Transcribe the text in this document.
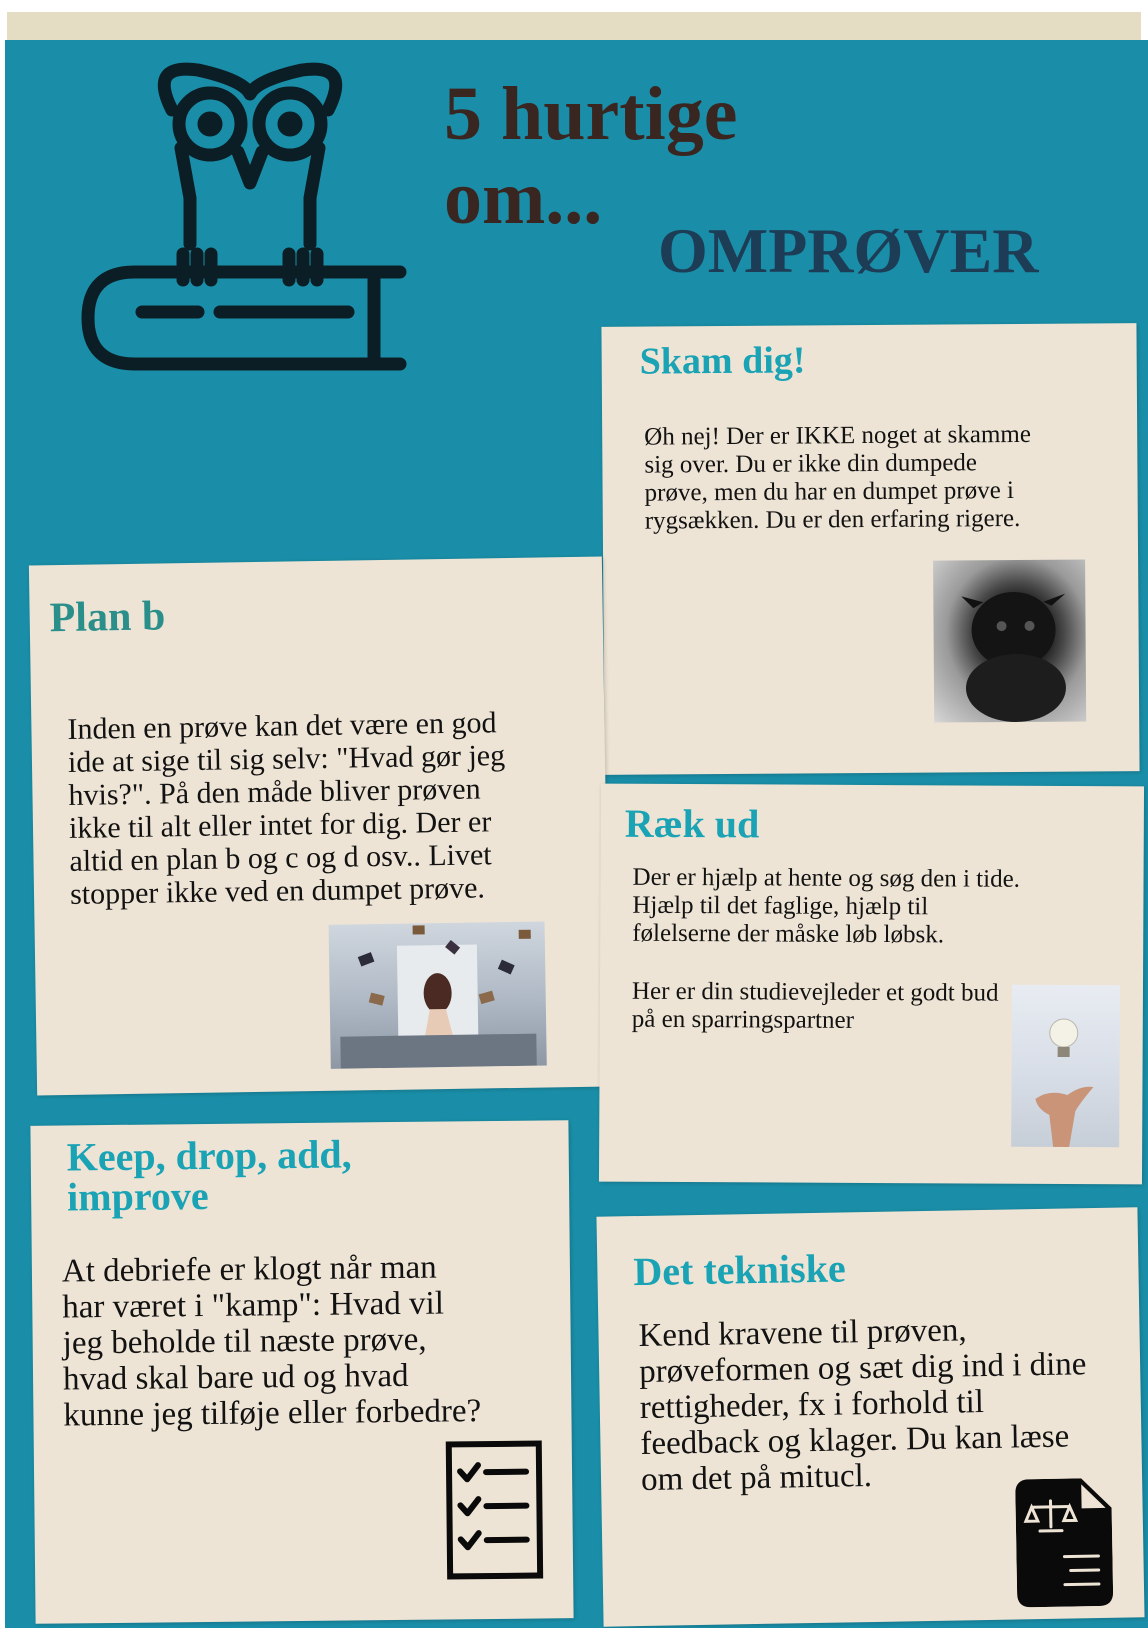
5 hurtige
om...
OMPRØVER
Skam dig!

Øh nej! Der er IKKE noget at skamme sig over. Du er ikke din dumpede prøve, men du har en dumpet prøve i rygsækken. Du er den erfaring rigere.

Plan b

Inden en prøve kan det være en god ide at sige til sig selv: "Hvad gør jeg hvis?". På den måde bliver prøven ikke til alt eller intet for dig. Der er altid en plan b og c og d osv.. Livet stopper ikke ved en dumpet prøve.

Ræk ud

Der er hjælp at hente og søg den i tide. Hjælp til det faglige, hjælp til følelserne der måske løb løbsk.

Her er din studievejleder et godt bud på en sparringspartner

Keep, drop, add,
improve

At debriefe er klogt når man har været i "kamp": Hvad vil jeg beholde til næste prøve, hvad skal bare ud og hvad kunne jeg tilføje eller forbedre?

Det tekniske

Kend kravene til prøven, prøveformen og sæt dig ind i dine rettigheder, fx i forhold til feedback og klager. Du kan læse om det på mitucl.
